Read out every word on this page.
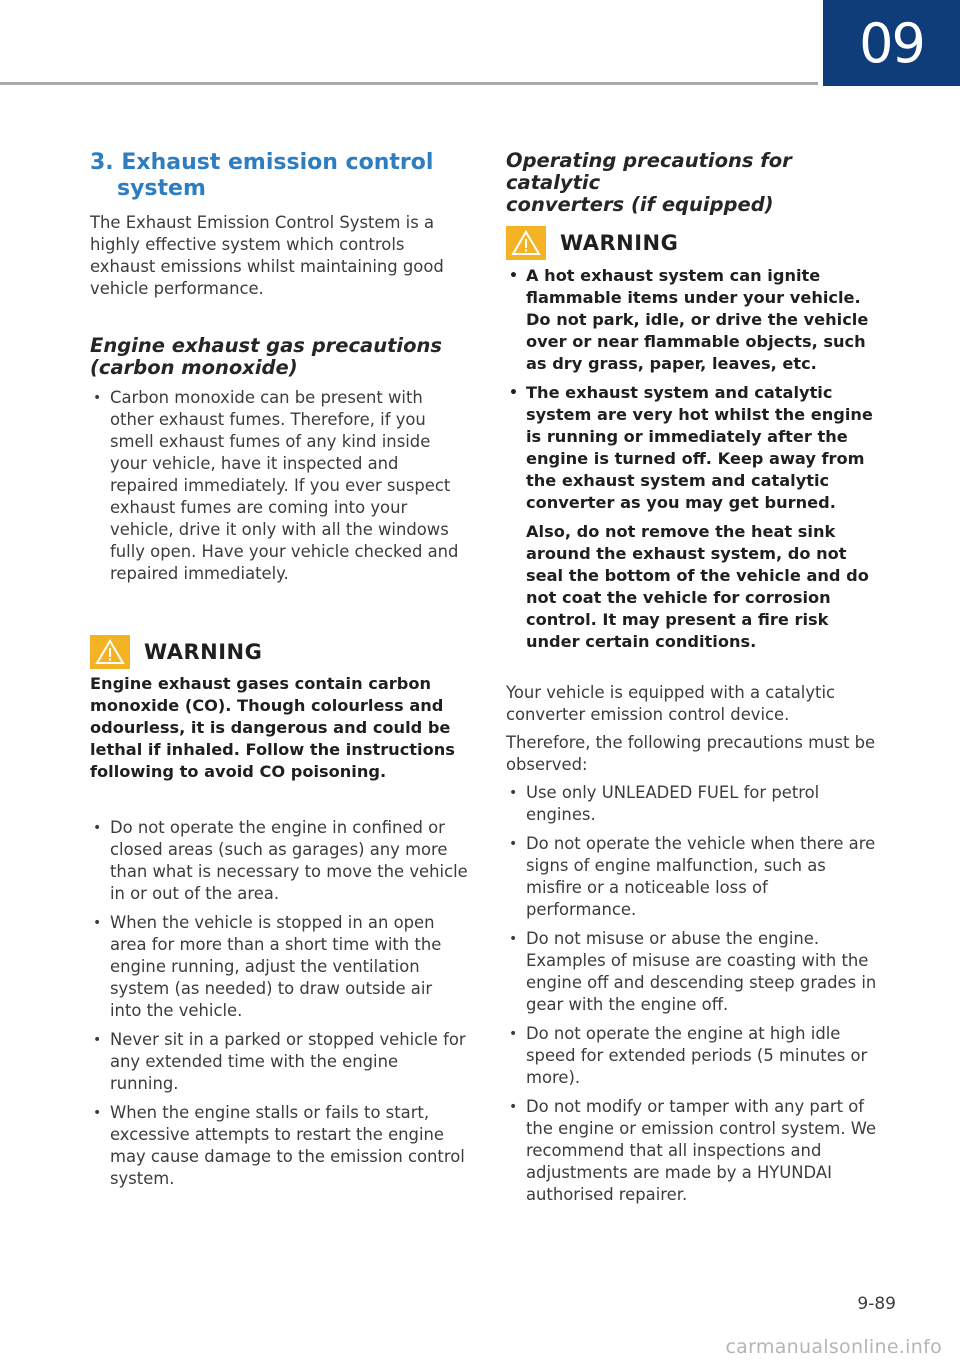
09
3. Exhaust emission control
system
The Exhaust Emission Control System is a highly effective system which controls exhaust emissions whilst maintaining good vehicle performance.
Engine exhaust gas precautions
(carbon monoxide)
• Carbon monoxide can be present with other exhaust fumes. Therefore, if you smell exhaust fumes of any kind inside your vehicle, have it inspected and repaired immediately. If you ever suspect exhaust fumes are coming into your vehicle, drive it only with all the windows fully open. Have your vehicle checked and repaired immediately.
WARNING
Engine exhaust gases contain carbon monoxide (CO). Though colourless and odourless, it is dangerous and could be lethal if inhaled. Follow the instructions following to avoid CO poisoning.
• Do not operate the engine in confined or closed areas (such as garages) any more than what is necessary to move the vehicle in or out of the area.
• When the vehicle is stopped in an open area for more than a short time with the engine running, adjust the ventilation system (as needed) to draw outside air into the vehicle.
• Never sit in a parked or stopped vehicle for any extended time with the engine running.
• When the engine stalls or fails to start, excessive attempts to restart the engine may cause damage to the emission control system.
Operating precautions for catalytic
converters (if equipped)
WARNING
• A hot exhaust system can ignite flammable items under your vehicle. Do not park, idle, or drive the vehicle over or near flammable objects, such as dry grass, paper, leaves, etc.
• The exhaust system and catalytic system are very hot whilst the engine is running or immediately after the engine is turned off. Keep away from the exhaust system and catalytic converter as you may get burned.
Also, do not remove the heat sink around the exhaust system, do not seal the bottom of the vehicle and do not coat the vehicle for corrosion control. It may present a fire risk under certain conditions.
Your vehicle is equipped with a catalytic converter emission control device.
Therefore, the following precautions must be observed:
• Use only UNLEADED FUEL for petrol engines.
• Do not operate the vehicle when there are signs of engine malfunction, such as misfire or a noticeable loss of performance.
• Do not misuse or abuse the engine. Examples of misuse are coasting with the engine off and descending steep grades in gear with the engine off.
• Do not operate the engine at high idle speed for extended periods (5 minutes or more).
• Do not modify or tamper with any part of the engine or emission control system. We recommend that all inspections and adjustments are made by a HYUNDAI authorised repairer.
9-89
carmanualsonline.info
